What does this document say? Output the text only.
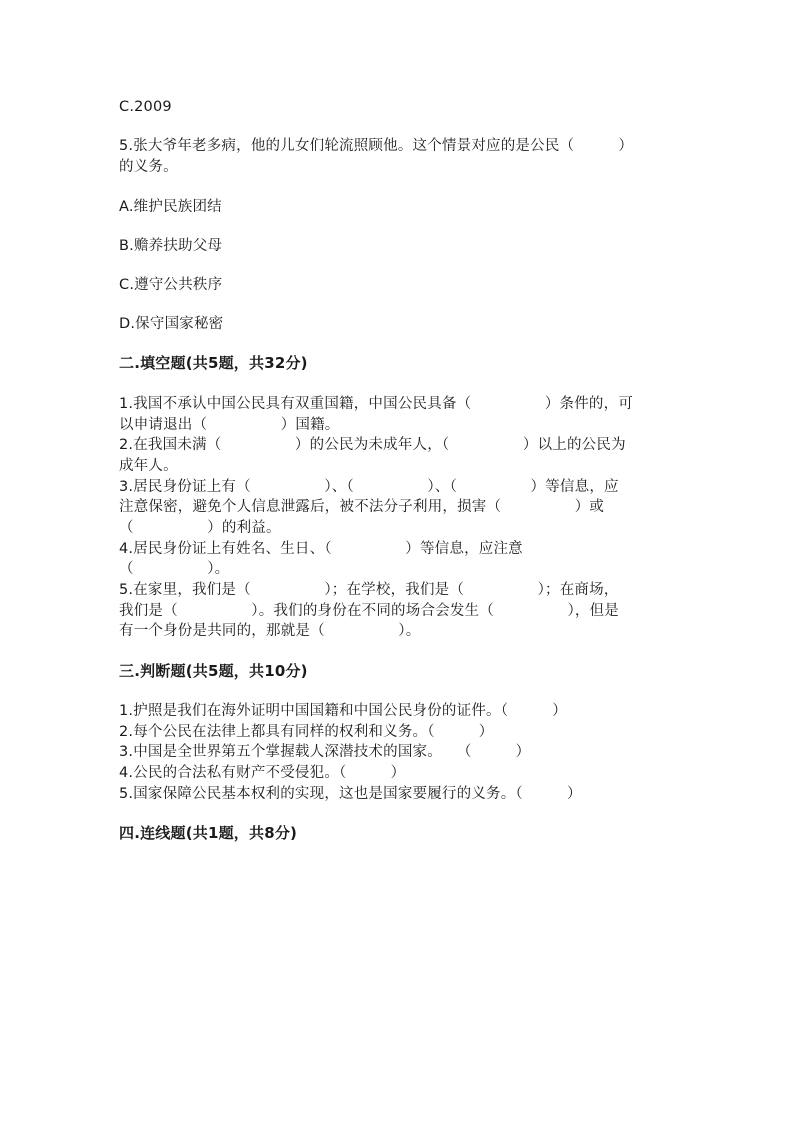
C.2009
5.张大爷年老多病，他的儿女们轮流照顾他。这个情景对应的是公民（　　　）
的义务。
A.维护民族团结
B.赡养扶助父母
C.遵守公共秩序
D.保守国家秘密
二.填空题(共5题，共32分)
1.我国不承认中国公民具有双重国籍，中国公民具备（　　　　　）条件的，可
以申请退出（　　　　　）国籍。
2.在我国未满（　　　　　）的公民为未成年人，（　　　　　）以上的公民为
成年人。
3.居民身份证上有（　　　　　）、（　　　　　）、（　　　　　）等信息，应
注意保密，避免个人信息泄露后，被不法分子利用，损害（　　　　　）或
（　　　　　）的利益。
4.居民身份证上有姓名、生日、（　　　　　）等信息，应注意
（　　　　　）。
5.在家里，我们是（　　　　　）；在学校，我们是（　　　　　）；在商场，
我们是（　　　　　）。我们的身份在不同的场合会发生（　　　　　），但是
有一个身份是共同的，那就是（　　　　　）。
三.判断题(共5题，共10分)
1.护照是我们在海外证明中国国籍和中国公民身份的证件。（　　　）
2.每个公民在法律上都具有同样的权利和义务。（　　　）
3.中国是全世界第五个掌握载人深潜技术的国家。　　（　　　）
4.公民的合法私有财产不受侵犯。（　　　）
5.国家保障公民基本权利的实现，这也是国家要履行的义务。（　　　）
四.连线题(共1题，共8分)
